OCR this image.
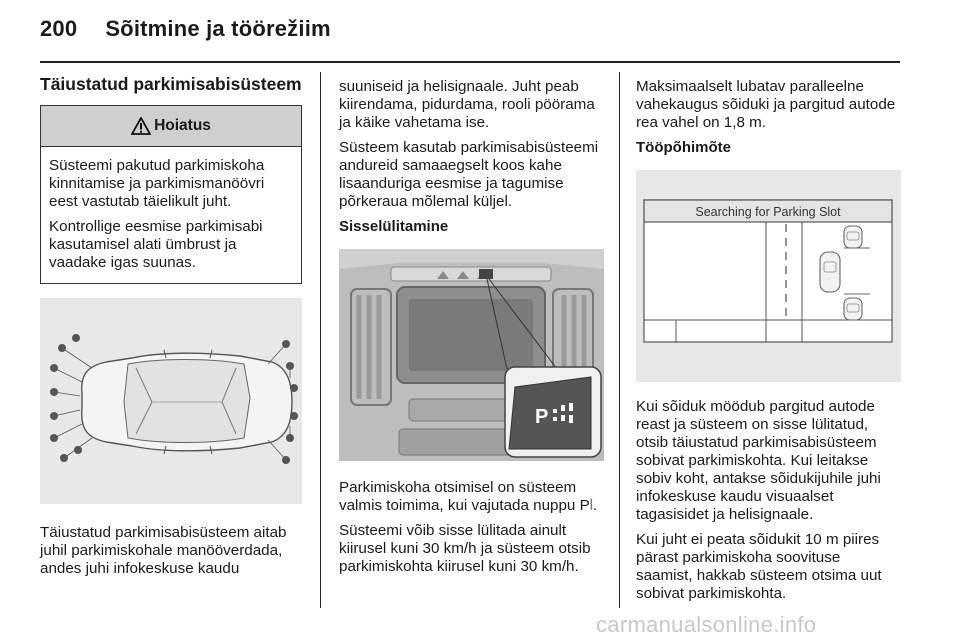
200 Sõitmine ja töörežiim
Täiustatud parkimisabisüsteem
Hoiatus

Süsteemi pakutud parkimiskoha kinnitamise ja parkimismanöövri eest vastutab täielikult juht.

Kontrollige eesmise parkimisabi kasutamisel alati ümbrust ja vaadake igas suunas.

Täiustatud parkimisabisüsteem aitab juhil parkimiskohale manööverdada, andes juhi infokeskuse kaudu

suuniseid ja helisignaale. Juht peab kiirendama, pidurdama, rooli pöörama ja käike vahetama ise.

Süsteem kasutab parkimisabisüsteemi andureid samaaegselt koos kahe lisaanduriga eesmise ja tagumise põrkeraua mõlemal küljel.

Sisselülitamine
P

Parkimiskoha otsimisel on süsteem valmis toimima, kui vajutada nuppu P⦚.

Süsteemi võib sisse lülitada ainult kiirusel kuni 30 km/h ja süsteem otsib parkimiskohta kiirusel kuni 30 km/h.

Maksimaalselt lubatav paralleelne vahekaugus sõiduki ja pargitud autode rea vahel on 1,8 m.

Tööpõhimõte
Searching for Parking Slot

Kui sõiduk möödub pargitud autode reast ja süsteem on sisse lülitatud, otsib täiustatud parkimisabisüsteem sobivat parkimiskohta. Kui leitakse sobiv koht, antakse sõidukijuhile juhi infokeskuse kaudu visuaalset tagasisidet ja helisignaale.

Kui juht ei peata sõidukit 10 m piires pärast parkimiskoha soovituse saamist, hakkab süsteem otsima uut sobivat parkimiskohta.

carmanualsonline.info
